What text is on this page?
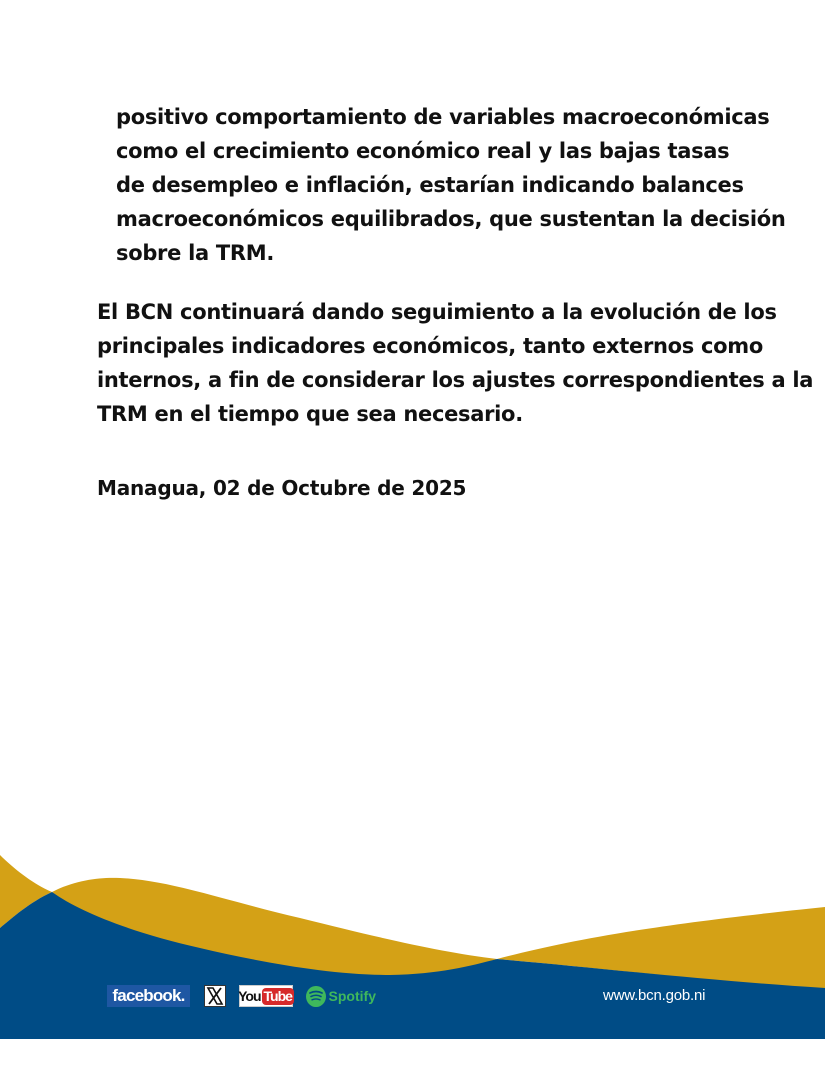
positivo comportamiento de variables macroeconómicas
como el crecimiento económico real y las bajas tasas
de desempleo e inflación, estarían indicando balances
macroeconómicos equilibrados, que sustentan la decisión
sobre la TRM.
El BCN continuará dando seguimiento a la evolución de los
principales indicadores económicos, tanto externos como
internos, a fin de considerar los ajustes correspondientes a la
TRM en el tiempo que sea necesario.

Managua, 02 de Octubre de 2025

facebook.	You Tube	Spotify	www.bcn.gob.ni
